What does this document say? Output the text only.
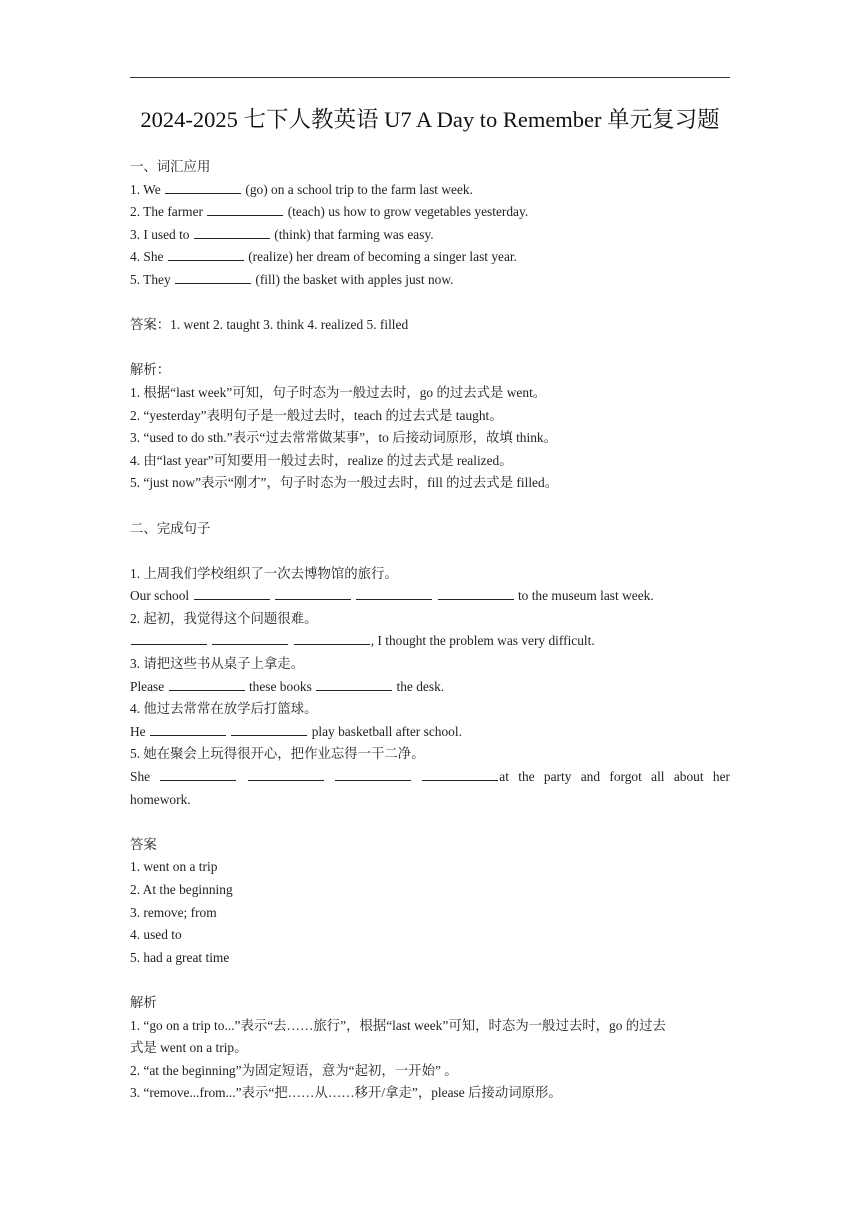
2024-2025 七下人教英语 U7 A Day to Remember 单元复习题
一、词汇应用
1. We	(go) on a school trip to the farm last week.
2. The farmer	(teach) us how to grow vegetables yesterday.
3. I used to	(think) that farming was easy.
4. She	(realize) her dream of becoming a singer last year.
5. They	(fill) the basket with apples just now.
答案：1. went 2. taught 3. think 4. realized 5. filled
解析：
1. 根据“last week”可知，句子时态为一般过去时，go 的过去式是 went。
2. “yesterday”表明句子是一般过去时，teach 的过去式是 taught。
3. “used to do sth.”表示“过去常常做某事”，to 后接动词原形，故填 think。
4. 由“last year”可知要用一般过去时，realize 的过去式是 realized。
5. “just now”表示“刚才”，句子时态为一般过去时，fill 的过去式是 filled。
二、完成句子
1. 上周我们学校组织了一次去博物馆的旅行。
Our school	to the museum last week.
2. 起初，我觉得这个问题很难。
, I thought the problem was very difficult.
3. 请把这些书从桌子上拿走。
Please	these books	the desk.
4. 他过去常常在放学后打篮球。
He	play basketball after school.
5. 她在聚会上玩得很开心，把作业忘得一干二净。
She	at the party and forgot all about her
homework.
答案
1. went on a trip
2. At the beginning
3. remove; from
4. used to
5. had a great time
解析
1. “go on a trip to...”表示“去……旅行”，根据“last week”可知，时态为一般过去时，go 的过去
式是 went on a trip。
2. “at the beginning”为固定短语，意为“起初，一开始” 。
3. “remove...from...”表示“把……从……移开/拿走”，please 后接动词原形。
